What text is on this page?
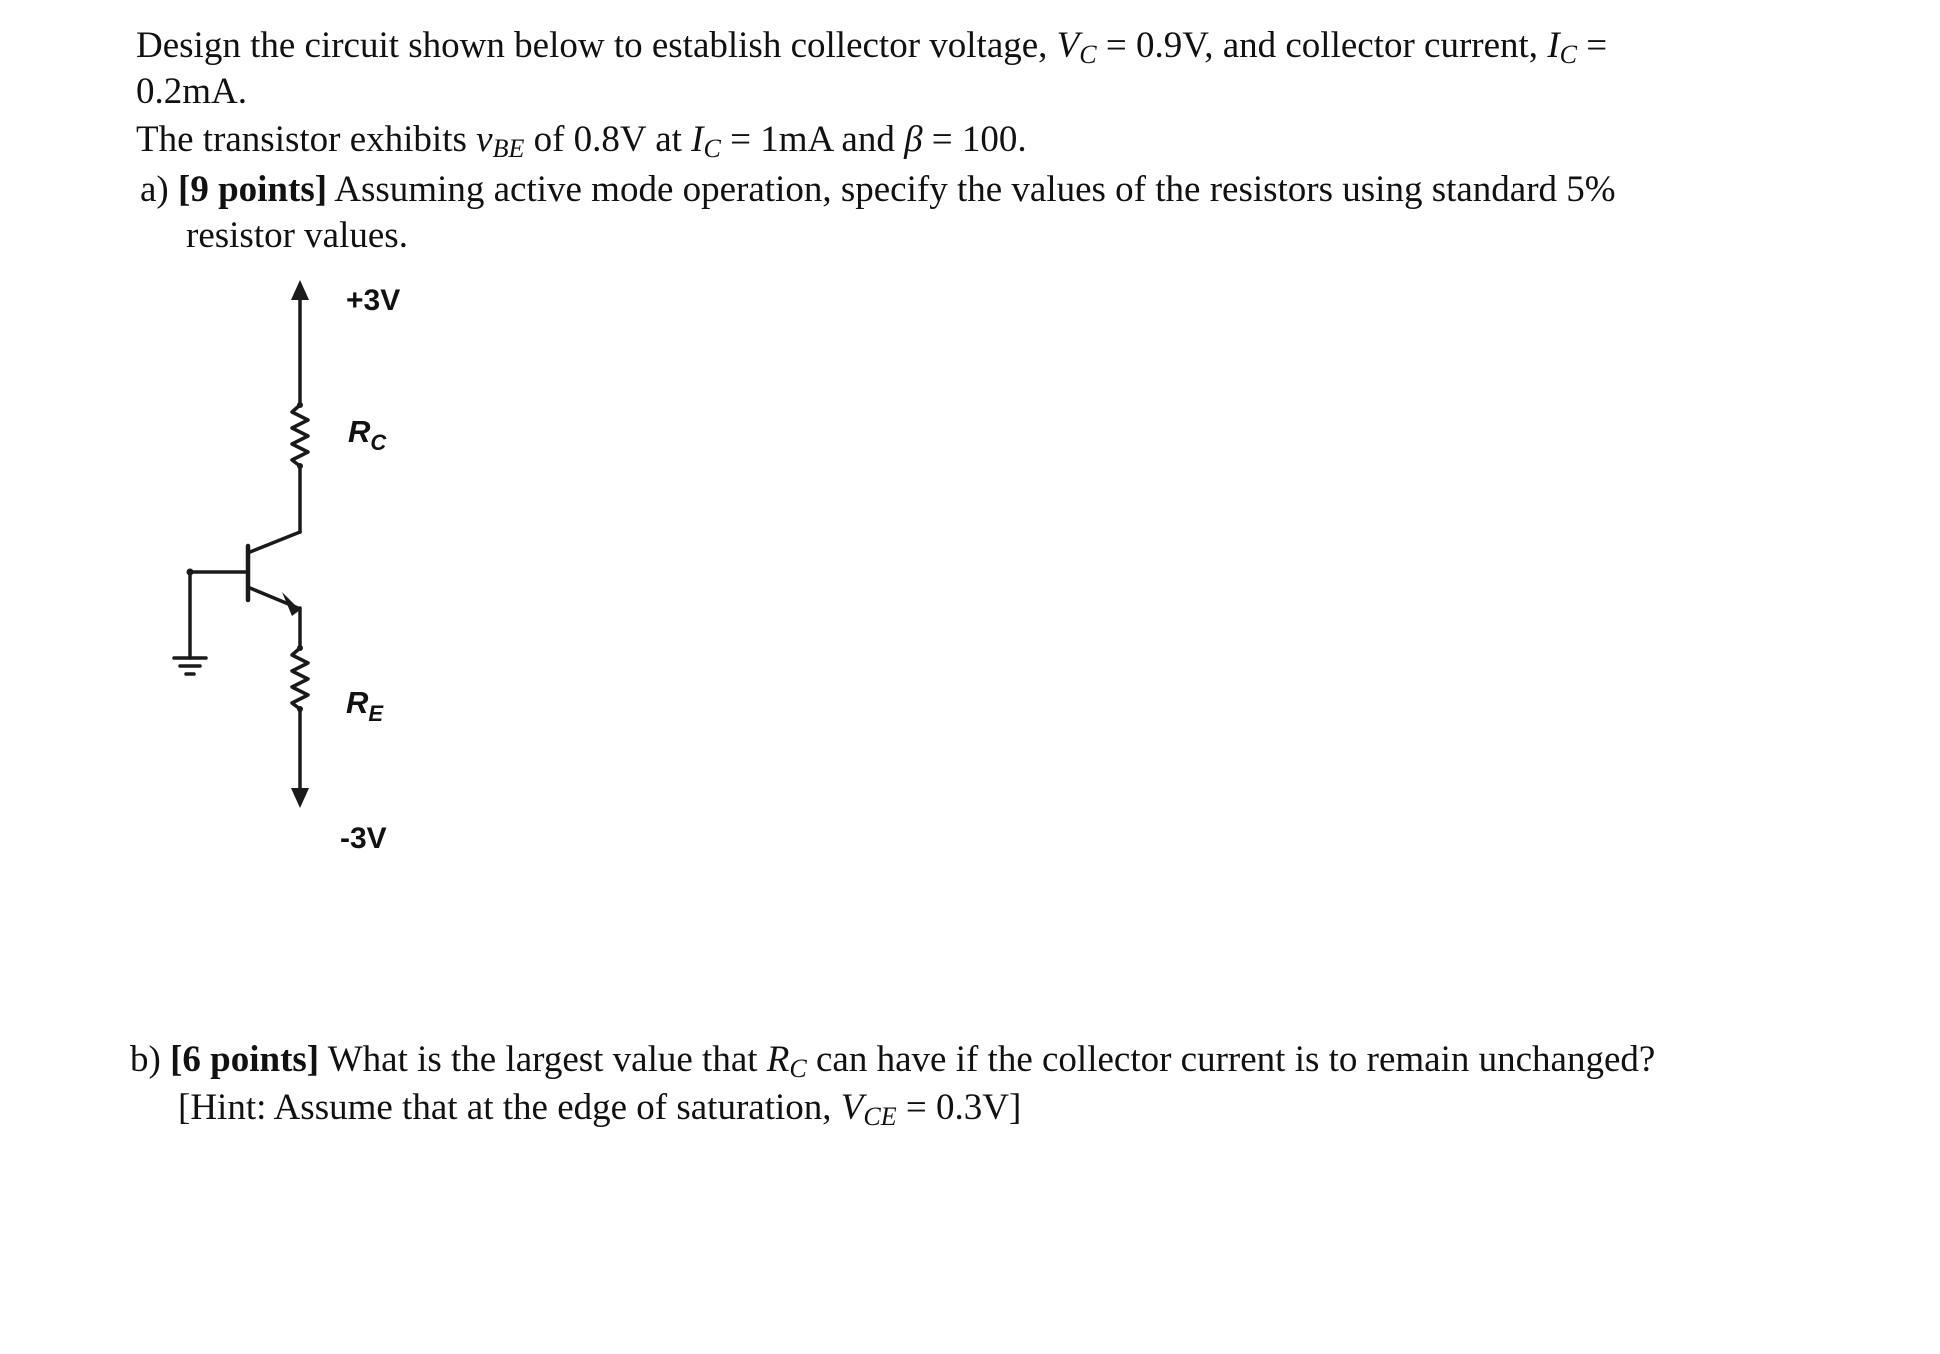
Design the circuit shown below to establish collector voltage, $V_C = 0.9V$, and collector current, $I_C$ =
0.2mA.
The transistor exhibits $v_{BE}$ of 0.8V at $I_C = 1mA$ and β = 100.
a) [9 points] Assuming active mode operation, specify the values of the resistors using standard 5%
resistor values.
+3V
$R_C$
$R_E$
-3V
b) [6 points] What is the largest value that $R_C$ can have if the collector current is to remain unchanged?
[Hint: Assume that at the edge of saturation, $V_{CE} = 0.3V$]
